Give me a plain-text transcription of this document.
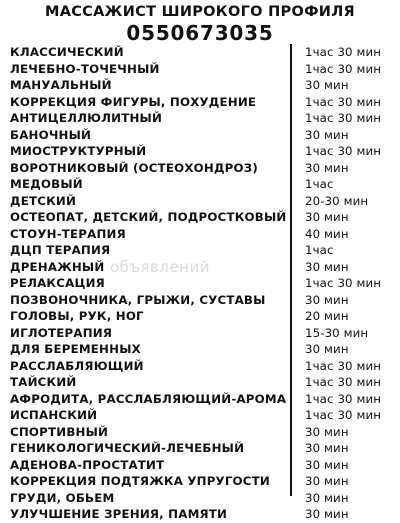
МАССАЖИСТ ШИРОКОГО ПРОФИЛЯ
0550673035
КЛАССИЧЕСКИЙ	1час 30 мин
ЛЕЧЕБНО-ТОЧЕЧНЫЙ	1час 30 мин
МАНУАЛЬНЫЙ	30 мин
КОРРЕКЦИЯ ФИГУРЫ, ПОХУДЕНИЕ	1час 30 мин
АНТИЦЕЛЛЮЛИТНЫЙ	1час 30 мин
БАНОЧНЫЙ	30 мин
МИОСТРУКТУРНЫЙ	1час 30 мин
ВОРОТНИКОВЫЙ (ОСТЕОХОНДРОЗ)	30 мин
МЕДОВЫЙ	1час
ДЕТСКИЙ	20-30 мин
ОСТЕОПАТ, ДЕТСКИЙ, ПОДРОСТКОВЫЙ 30 мин
СТОУН-ТЕРАПИЯ	40 мин
ДЦП ТЕРАПИЯ	1час
ДРЕНАЖНЫЙ	30 мин
РЕЛАКСАЦИЯ	1час 30 мин
ПОЗВОНОЧНИКА, ГРЫЖИ, СУСТАВЫ	30 мин
ГОЛОВЫ, РУК, НОГ	20 мин
ИГЛОТЕРАПИЯ	15-30 мин
ДЛЯ БЕРЕМЕННЫХ	30 мин
РАССЛАБЛЯЮЩИЙ	1час 30 мин
ТАЙСКИЙ	1час 30 мин
АФРОДИТА, РАССЛАБЛЯЮЩИЙ-АРОМА 1час 30 мин
ИСПАНСКИЙ	1час 30 мин
СПОРТИВНЫЙ	30 мин
ГЕНИКОЛОГИЧЕСКИЙ-ЛЕЧЕБНЫЙ	30 мин
АДЕНОВА-ПРОСТАТИТ	30 мин
КОРРЕКЦИЯ ПОДТЯЖКА УПРУГОСТИ	30 мин
ГРУДИ, ОБЬЕМ	30 мин
УЛУЧШЕНИЕ ЗРЕНИЯ, ПАМЯТИ	30 мин
объявлений
